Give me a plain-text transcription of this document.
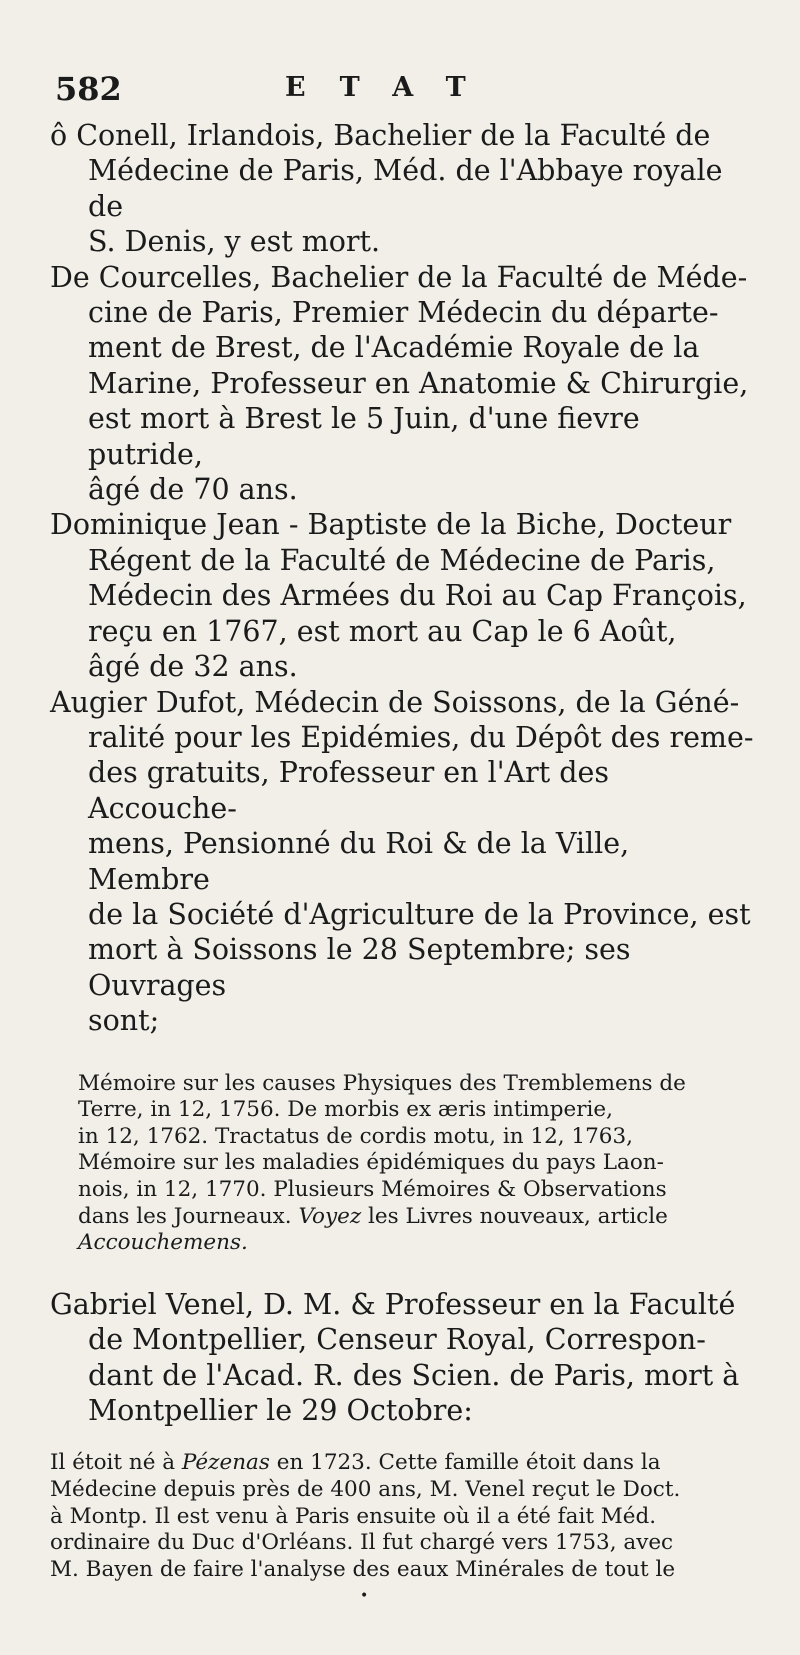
582	ETAT

ô Conell, Irlandois, Bachelier de la Faculté de
Médecine de Paris, Méd. de l'Abbaye royale de
S. Denis, y est mort.

De Courcelles, Bachelier de la Faculté de Méde-
cine de Paris, Premier Médecin du départe-
ment de Brest, de l'Académie Royale de la
Marine, Professeur en Anatomie & Chirurgie,
est mort à Brest le 5 Juin, d'une fievre putride,
âgé de 70 ans.

Dominique Jean - Baptiste de la Biche, Docteur
Régent de la Faculté de Médecine de Paris,
Médecin des Armées du Roi au Cap François,
reçu en 1767, est mort au Cap le 6 Août,
âgé de 32 ans.

Augier Dufot, Médecin de Soissons, de la Géné-
ralité pour les Epidémies, du Dépôt des reme-
des gratuits, Professeur en l'Art des Accouche-
mens, Pensionné du Roi & de la Ville, Membre
de la Société d'Agriculture de la Province, est
mort à Soissons le 28 Septembre; ses Ouvrages
sont;

Mémoire sur les causes Physiques des Tremblemens de
Terre, in 12, 1756. De morbis ex æris intimperie,
in 12, 1762. Tractatus de cordis motu, in 12, 1763,
Mémoire sur les maladies épidémiques du pays Laon-
nois, in 12, 1770. Plusieurs Mémoires & Observations
dans les Journeaux. Voyez les Livres nouveaux, article
Accouchemens.

Gabriel Venel, D. M. & Professeur en la Faculté
de Montpellier, Censeur Royal, Correspon-
dant de l'Acad. R. des Scien. de Paris, mort à
Montpellier le 29 Octobre:

Il étoit né à Pézenas en 1723. Cette famille étoit dans la
Médecine depuis près de 400 ans, M. Venel reçut le Doct.
à Montp. Il est venu à Paris ensuite où il a été fait Méd.
ordinaire du Duc d'Orléans. Il fut chargé vers 1753, avec
M. Bayen de faire l'analyse des eaux Minérales de tout le

•
